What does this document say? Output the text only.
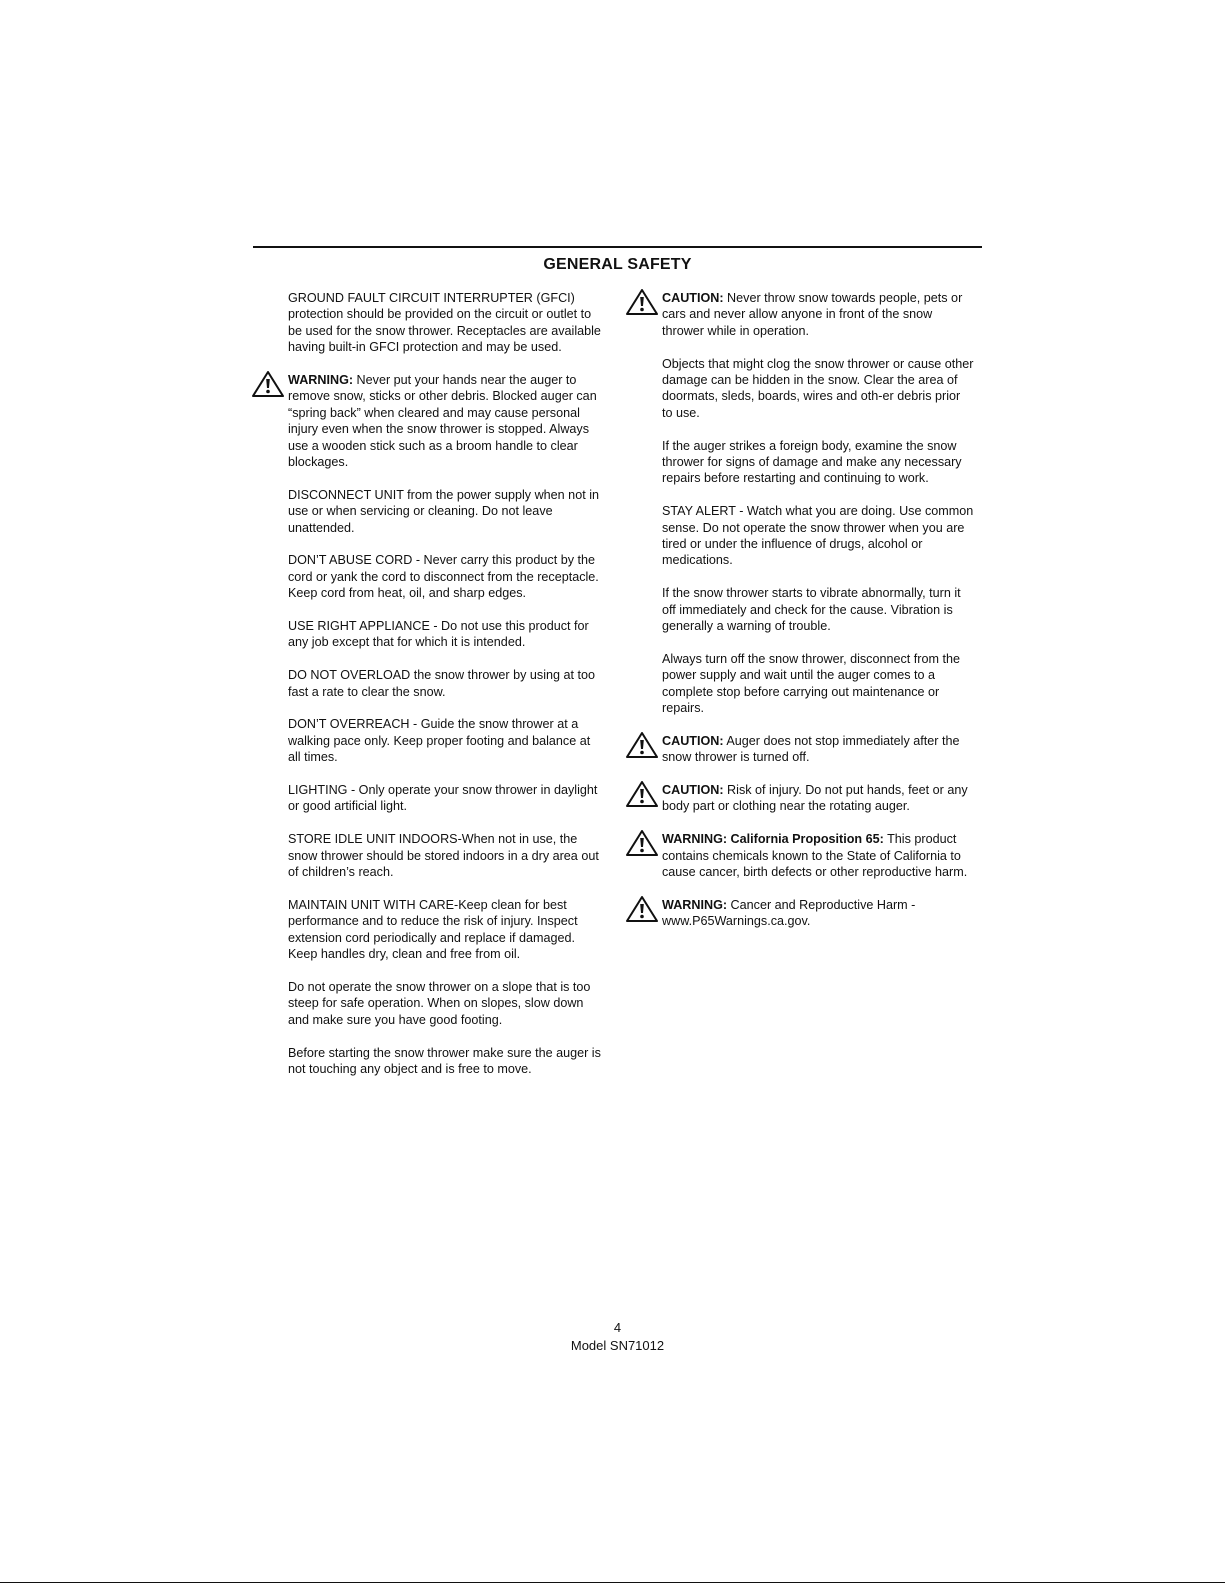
GENERAL SAFETY
GROUND FAULT CIRCUIT INTERRUPTER (GFCI) protection should be provided on the circuit or outlet to be used for the snow thrower. Receptacles are available having built-in GFCI protection and may be used.
WARNING: Never put your hands near the auger to remove snow, sticks or other debris. Blocked auger can “spring back” when cleared and may cause personal injury even when the snow thrower is stopped. Always use a wooden stick such as a broom handle to clear blockages.
DISCONNECT UNIT from the power supply when not in use or when servicing or cleaning. Do not leave unattended.
DON’T ABUSE CORD - Never carry this product by the cord or yank the cord to disconnect from the receptacle. Keep cord from heat, oil, and sharp edges.
USE RIGHT APPLIANCE - Do not use this product for any job except that for which it is intended.
DO NOT OVERLOAD the snow thrower by using at too fast a rate to clear the snow.
DON’T OVERREACH - Guide the snow thrower at a walking pace only. Keep proper footing and balance at all times.
LIGHTING - Only operate your snow thrower in daylight or good artificial light.
STORE IDLE UNIT INDOORS-When not in use, the snow thrower should be stored indoors in a dry area out of children’s reach.
MAINTAIN UNIT WITH CARE-Keep clean for best performance and to reduce the risk of injury. Inspect extension cord periodically and replace if damaged. Keep handles dry, clean and free from oil.
Do not operate the snow thrower on a slope that is too steep for safe operation. When on slopes, slow down and make sure you have good footing.
Before starting the snow thrower make sure the auger is not touching any object and is free to move.
CAUTION: Never throw snow towards people, pets or cars and never allow anyone in front of the snow thrower while in operation.
Objects that might clog the snow thrower or cause other damage can be hidden in the snow. Clear the area of doormats, sleds, boards, wires and oth-er debris prior to use.
If the auger strikes a foreign body, examine the snow thrower for signs of damage and make any necessary repairs before restarting and continuing to work.
STAY ALERT - Watch what you are doing. Use common sense. Do not operate the snow thrower when you are tired or under the influence of drugs, alcohol or medications.
If the snow thrower starts to vibrate abnormally, turn it off immediately and check for the cause. Vibration is generally a warning of trouble.
Always turn off the snow thrower, disconnect from the power supply and wait until the auger comes to a complete stop before carrying out maintenance or repairs.
CAUTION: Auger does not stop immediately after the snow thrower is turned off.
CAUTION: Risk of injury. Do not put hands, feet or any body part or clothing near the rotating auger.
WARNING: California Proposition 65: This product contains chemicals known to the State of California to cause cancer, birth defects or other reproductive harm.
WARNING: Cancer and Reproductive Harm - www.P65Warnings.ca.gov.
4
Model SN71012
